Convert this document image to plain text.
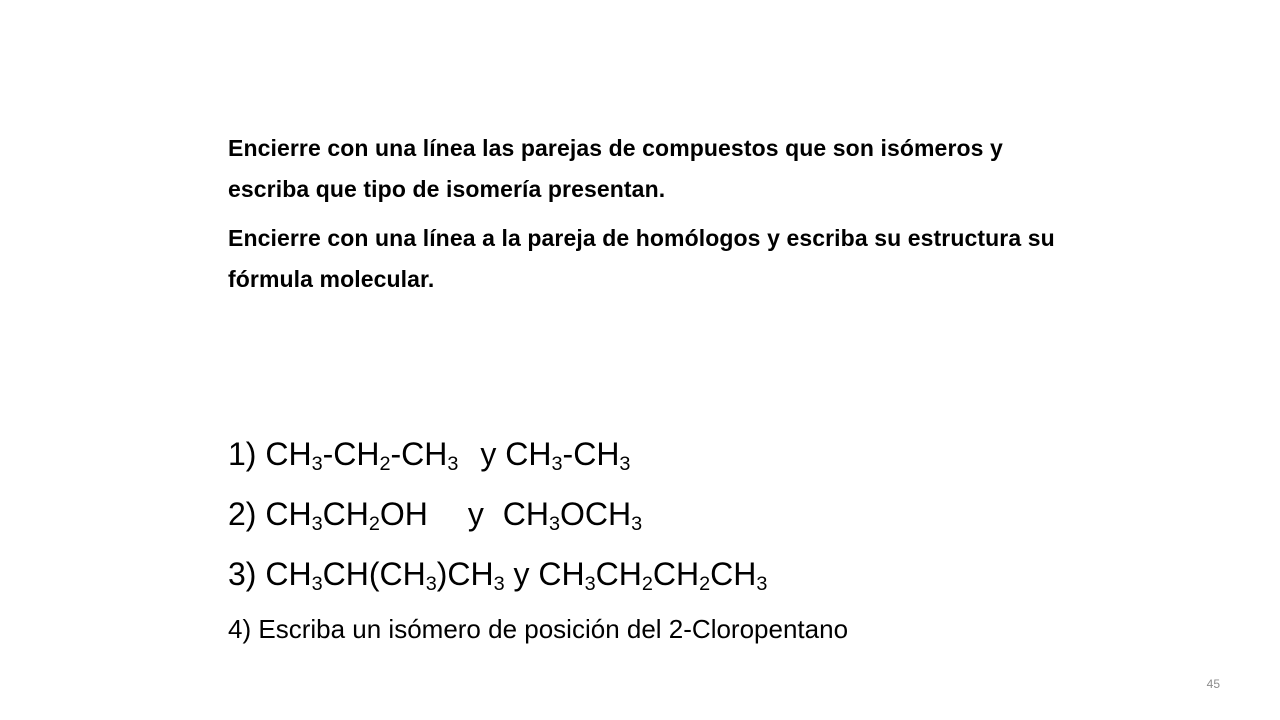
Encierre con una línea las parejas de compuestos que son isómeros y escriba que tipo de isomería presentan.

Encierre con una línea a la pareja de homólogos y escriba su estructura su fórmula molecular.

1) $CH_3-CH_2-CH_3$ y $CH_3-CH_3$
2) $CH_3CH_2OH$ y $CH_3OCH_3$
3) $CH_3CH(CH_3)CH_3$ y $CH_3CH_2CH_2CH_3$
4) Escriba un isómero de posición del 2-Cloropentano
45
